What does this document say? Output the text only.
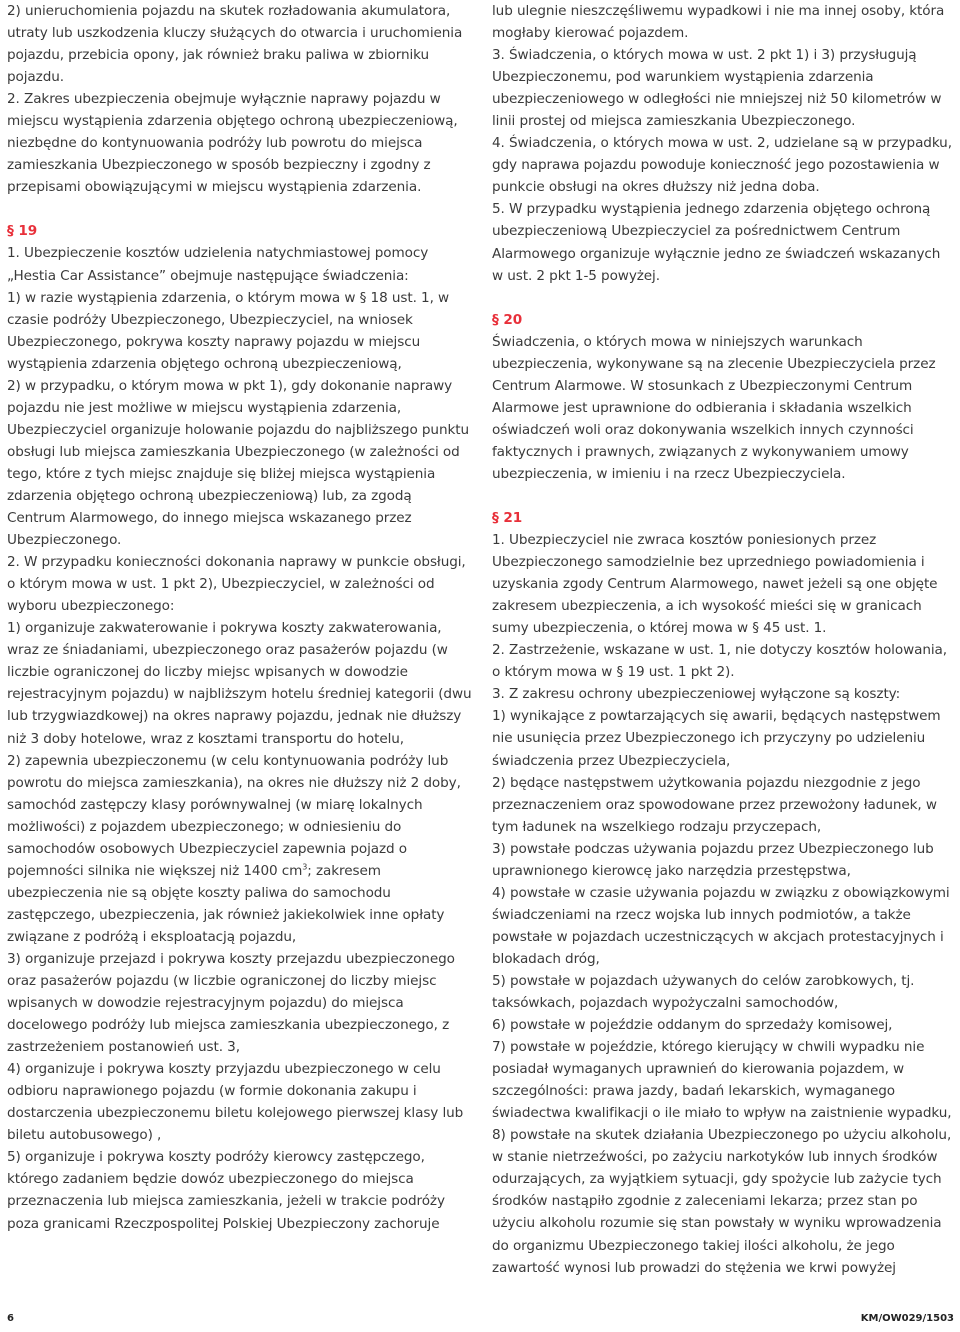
2) unieruchomienia pojazdu na skutek rozładowania akumulatora, utraty lub uszkodzenia kluczy służących do otwarcia i uruchomienia pojazdu, przebicia opony, jak również braku paliwa w zbiorniku pojazdu.

2. Zakres ubezpieczenia obejmuje wyłącznie naprawy pojazdu w miejscu wystąpienia zdarzenia objętego ochroną ubezpieczeniową, niezbędne do kontynuowania podróży lub powrotu do miejsca zamieszkania Ubezpieczonego w sposób bezpieczny i zgodny z przepisami obowiązującymi w miejscu wystąpienia zdarzenia.

§ 19

1. Ubezpieczenie kosztów udzielenia natychmiastowej pomocy „Hestia Car Assistance” obejmuje następujące świadczenia:

1) w razie wystąpienia zdarzenia, o którym mowa w § 18 ust. 1, w czasie podróży Ubezpieczonego, Ubezpieczyciel, na wniosek Ubezpieczonego, pokrywa koszty naprawy pojazdu w miejscu wystąpienia zdarzenia objętego ochroną ubezpieczeniową,

2) w przypadku, o którym mowa w pkt 1), gdy dokonanie naprawy pojazdu nie jest możliwe w miejscu wystąpienia zdarzenia, Ubezpieczyciel organizuje holowanie pojazdu do najbliższego punktu obsługi lub miejsca zamieszkania Ubezpieczonego (w zależności od tego, które z tych miejsc znajduje się bliżej miejsca wystąpienia zdarzenia objętego ochroną ubezpieczeniową) lub, za zgodą Centrum Alarmowego, do innego miejsca wskazanego przez Ubezpieczonego.

2. W przypadku konieczności dokonania naprawy w punkcie obsługi, o którym mowa w ust. 1 pkt 2), Ubezpieczyciel, w zależności od wyboru ubezpieczonego:

1) organizuje zakwaterowanie i pokrywa koszty zakwaterowania, wraz ze śniadaniami, ubezpieczonego oraz pasażerów pojazdu (w liczbie ograniczonej do liczby miejsc wpisanych w dowodzie rejestracyjnym pojazdu) w najbliższym hotelu średniej kategorii (dwu lub trzygwiazdkowej) na okres naprawy pojazdu, jednak nie dłuższy niż 3 doby hotelowe, wraz z kosztami transportu do hotelu,

2) zapewnia ubezpieczonemu (w celu kontynuowania podróży lub powrotu do miejsca zamieszkania), na okres nie dłuższy niż 2 doby, samochód zastępczy klasy porównywalnej (w miarę lokalnych możliwości) z pojazdem ubezpieczonego; w odniesieniu do samochodów osobowych Ubezpieczyciel zapewnia pojazd o pojemności silnika nie większej niż 1400 $cm^3$; zakresem ubezpieczenia nie są objęte koszty paliwa do samochodu zastępczego, ubezpieczenia, jak również jakiekolwiek inne opłaty związane z podróżą i eksploatacją pojazdu,

3) organizuje przejazd i pokrywa koszty przejazdu ubezpieczonego oraz pasażerów pojazdu (w liczbie ograniczonej do liczby miejsc wpisanych w dowodzie rejestracyjnym pojazdu) do miejsca docelowego podróży lub miejsca zamieszkania ubezpieczonego, z zastrzeżeniem postanowień ust. 3,

4) organizuje i pokrywa koszty przyjazdu ubezpieczonego w celu odbioru naprawionego pojazdu (w formie dokonania zakupu i dostarczenia ubezpieczonemu biletu kolejowego pierwszej klasy lub biletu autobusowego) ,

5) organizuje i pokrywa koszty podróży kierowcy zastępczego, którego zadaniem będzie dowóz ubezpieczonego do miejsca przeznaczenia lub miejsca zamieszkania, jeżeli w trakcie podróży poza granicami Rzeczpospolitej Polskiej Ubezpieczony zachoruje

lub ulegnie nieszczęśliwemu wypadkowi i nie ma innej osoby, która mogłaby kierować pojazdem.

3. Świadczenia, o których mowa w ust. 2 pkt 1) i 3) przysługują Ubezpieczonemu, pod warunkiem wystąpienia zdarzenia ubezpieczeniowego w odległości nie mniejszej niż 50 kilometrów w linii prostej od miejsca zamieszkania Ubezpieczonego.

4. Świadczenia, o których mowa w ust. 2, udzielane są w przypadku, gdy naprawa pojazdu powoduje konieczność jego pozostawienia w punkcie obsługi na okres dłuższy niż jedna doba.

5. W przypadku wystąpienia jednego zdarzenia objętego ochroną ubezpieczeniową Ubezpieczyciel za pośrednictwem Centrum Alarmowego organizuje wyłącznie jedno ze świadczeń wskazanych w ust. 2 pkt 1-5 powyżej.

§ 20

Świadczenia, o których mowa w niniejszych warunkach ubezpieczenia, wykonywane są na zlecenie Ubezpieczyciela przez Centrum Alarmowe. W stosunkach z Ubezpieczonymi Centrum Alarmowe jest uprawnione do odbierania i składania wszelkich oświadczeń woli oraz dokonywania wszelkich innych czynności faktycznych i prawnych, związanych z wykonywaniem umowy ubezpieczenia, w imieniu i na rzecz Ubezpieczyciela.

§ 21

1. Ubezpieczyciel nie zwraca kosztów poniesionych przez Ubezpieczonego samodzielnie bez uprzedniego powiadomienia i uzyskania zgody Centrum Alarmowego, nawet jeżeli są one objęte zakresem ubezpieczenia, a ich wysokość mieści się w granicach sumy ubezpieczenia, o której mowa w § 45 ust. 1.

2. Zastrzeżenie, wskazane w ust. 1, nie dotyczy kosztów holowania, o którym mowa w § 19 ust. 1 pkt 2).

3. Z zakresu ochrony ubezpieczeniowej wyłączone są koszty:

1) wynikające z powtarzających się awarii, będących następstwem nie usunięcia przez Ubezpieczonego ich przyczyny po udzieleniu świadczenia przez Ubezpieczyciela,

2) będące następstwem użytkowania pojazdu niezgodnie z jego przeznaczeniem oraz spowodowane przez przewożony ładunek, w tym ładunek na wszelkiego rodzaju przyczepach,

3) powstałe podczas używania pojazdu przez Ubezpieczonego lub uprawnionego kierowcę jako narzędzia przestępstwa,

4) powstałe w czasie używania pojazdu w związku z obowiązkowymi świadczeniami na rzecz wojska lub innych podmiotów, a także powstałe w pojazdach uczestniczących w akcjach protestacyjnych i blokadach dróg,

5) powstałe w pojazdach używanych do celów zarobkowych, tj. taksówkach, pojazdach wypożyczalni samochodów,

6) powstałe w pojeździe oddanym do sprzedaży komisowej,

7) powstałe w pojeździe, którego kierujący w chwili wypadku nie posiadał wymaganych uprawnień do kierowania pojazdem, w szczególności: prawa jazdy, badań lekarskich, wymaganego świadectwa kwalifikacji o ile miało to wpływ na zaistnienie wypadku,

8) powstałe na skutek działania Ubezpieczonego po użyciu alkoholu, w stanie nietrzeźwości, po zażyciu narkotyków lub innych środków odurzających, za wyjątkiem sytuacji, gdy spożycie lub zażycie tych środków nastąpiło zgodnie z zaleceniami lekarza; przez stan po użyciu alkoholu rozumie się stan powstały w wyniku wprowadzenia do organizmu Ubezpieczonego takiej ilości alkoholu, że jego zawartość wynosi lub prowadzi do stężenia we krwi powyżej

6	KM/OW029/1503
